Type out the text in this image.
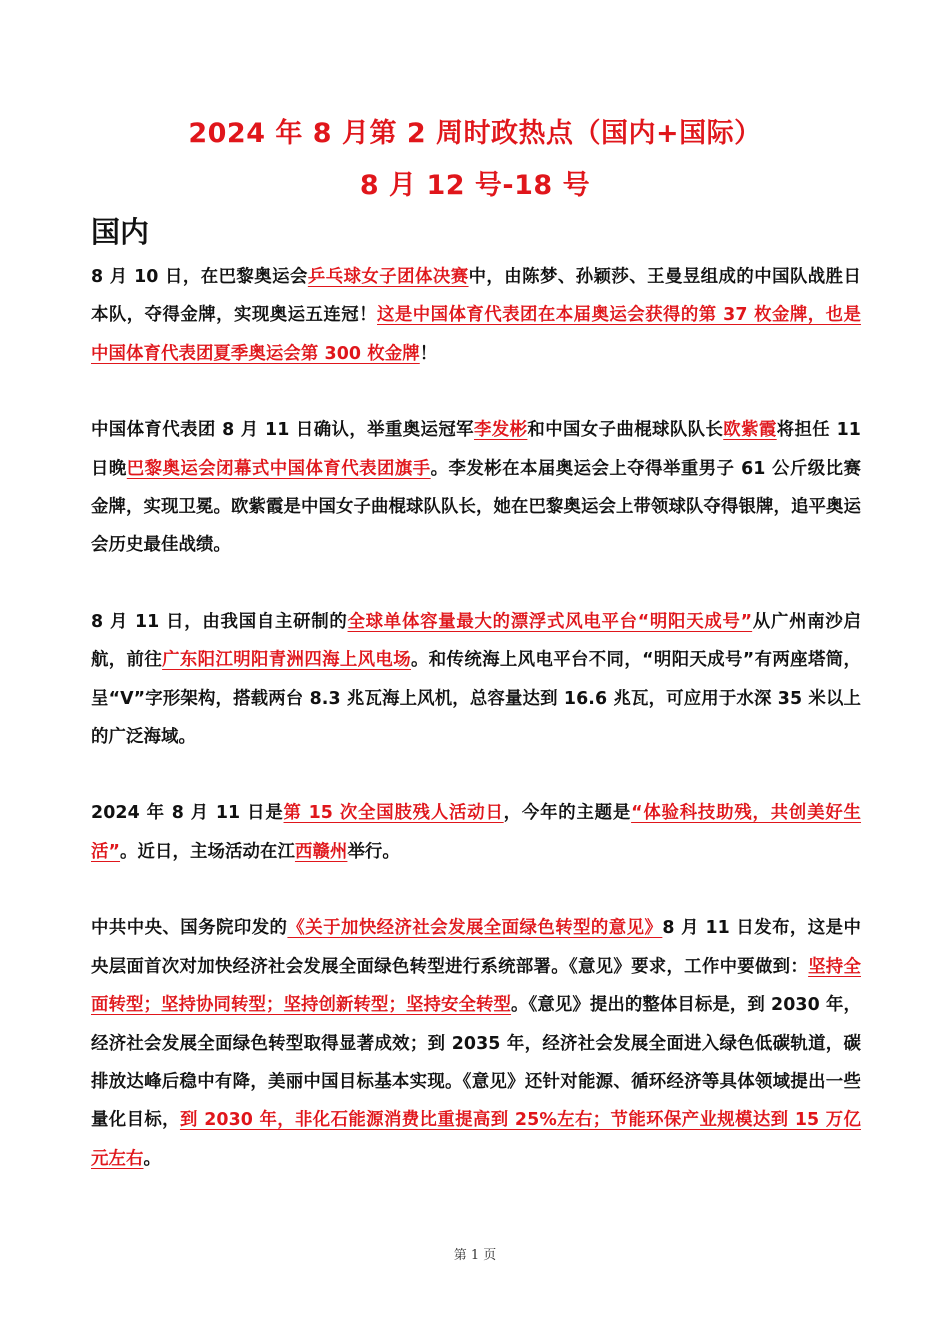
2024 年 8 月第 2 周时政热点（国内+国际）
8 月 12 号-18 号
国内

8 月 10 日，在巴黎奥运会乒乓球女子团体决赛中，由陈梦、孙颖莎、王曼昱组成的中国队战胜日本队，夺得金牌，实现奥运五连冠！这是中国体育代表团在本届奥运会获得的第 37 枚金牌，也是中国体育代表团夏季奥运会第 300 枚金牌！

中国体育代表团 8 月 11 日确认，举重奥运冠军李发彬和中国女子曲棍球队队长欧紫霞将担任 11 日晚巴黎奥运会闭幕式中国体育代表团旗手。李发彬在本届奥运会上夺得举重男子 61 公斤级比赛金牌，实现卫冕。欧紫霞是中国女子曲棍球队队长，她在巴黎奥运会上带领球队夺得银牌，追平奥运会历史最佳战绩。

8 月 11 日，由我国自主研制的全球单体容量最大的漂浮式风电平台“明阳天成号”从广州南沙启航，前往广东阳江明阳青洲四海上风电场。和传统海上风电平台不同，“明阳天成号”有两座塔筒，呈“V”字形架构，搭载两台 8.3 兆瓦海上风机，总容量达到 16.6 兆瓦，可应用于水深 35 米以上的广泛海域。

2024 年 8 月 11 日是第 15 次全国肢残人活动日，今年的主题是“体验科技助残，共创美好生活”。近日，主场活动在江西赣州举行。

中共中央、国务院印发的《关于加快经济社会发展全面绿色转型的意见》8 月 11 日发布，这是中央层面首次对加快经济社会发展全面绿色转型进行系统部署。《意见》要求，工作中要做到：坚持全面转型；坚持协同转型；坚持创新转型；坚持安全转型。《意见》提出的整体目标是，到 2030 年，经济社会发展全面绿色转型取得显著成效；到 2035 年，经济社会发展全面进入绿色低碳轨道，碳排放达峰后稳中有降，美丽中国目标基本实现。《意见》还针对能源、循环经济等具体领域提出一些量化目标，到 2030 年，非化石能源消费比重提高到 25%左右；节能环保产业规模达到 15 万亿元左右。

第 1 页
